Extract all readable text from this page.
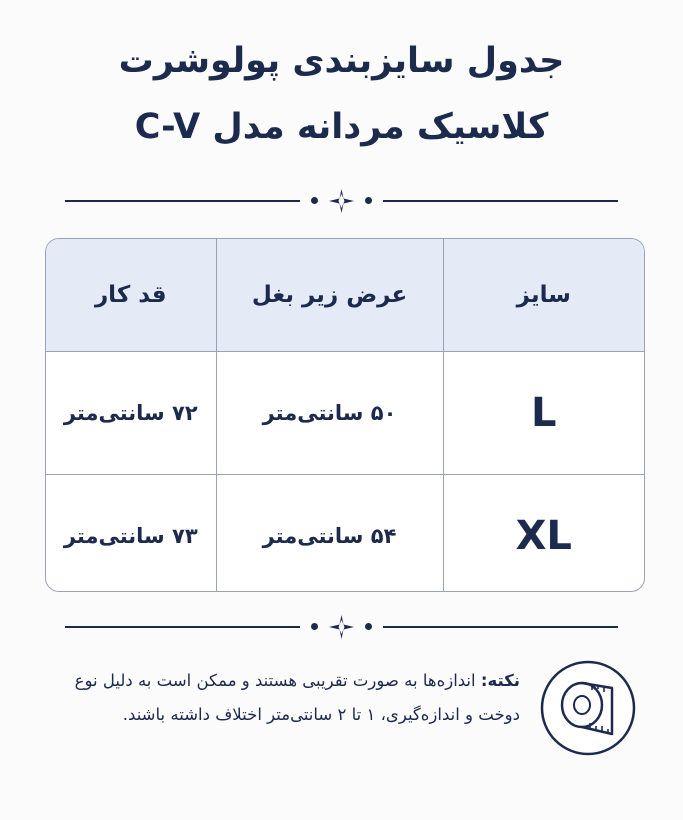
جدول سایزبندی پولوشرت
کلاسیک مردانه مدل C-V
سایز	عرض زیر بغل	قد کار
L	۵۰ سانتی‌متر	۷۲ سانتی‌متر
XL	۵۴ سانتی‌متر	۷۳ سانتی‌متر
نکته: اندازه‌ها به صورت تقریبی هستند و ممکن است به دلیل نوع دوخت و اندازه‌گیری، ۱ تا ۲ سانتی‌متر اختلاف داشته باشند.
